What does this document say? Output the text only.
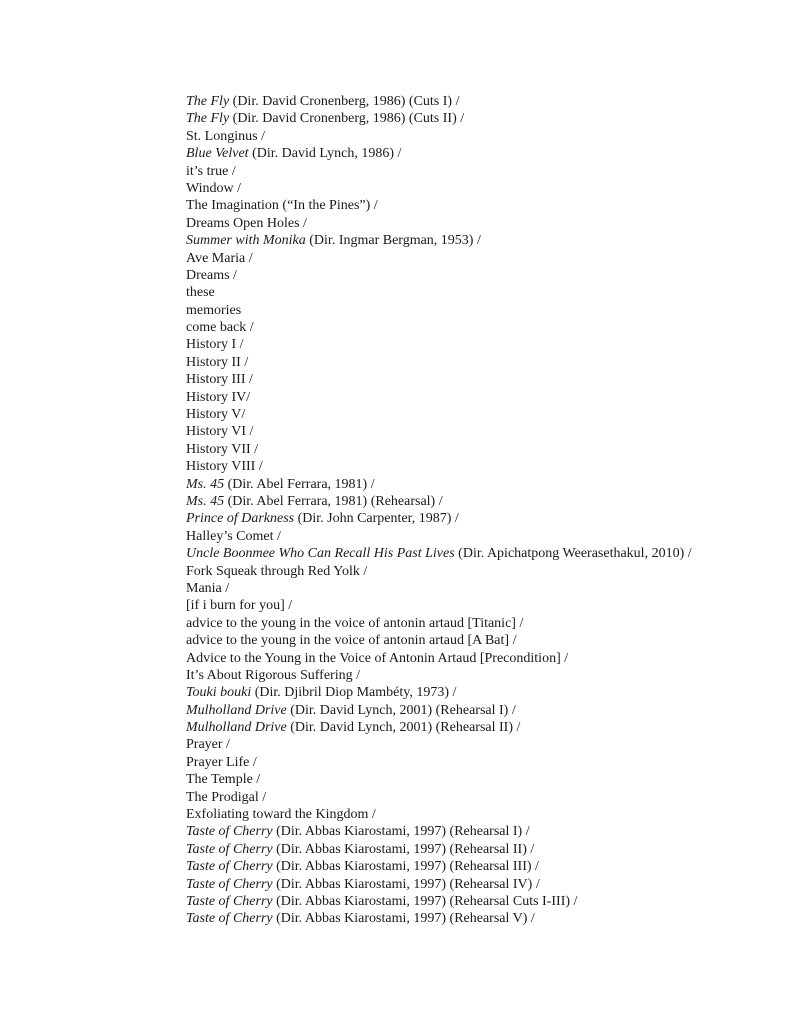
The Fly (Dir. David Cronenberg, 1986) (Cuts I) /
The Fly (Dir. David Cronenberg, 1986) (Cuts II) /
St. Longinus /
Blue Velvet (Dir. David Lynch, 1986) /
it’s true /
Window /
The Imagination (“In the Pines”) /
Dreams Open Holes /
Summer with Monika (Dir. Ingmar Bergman, 1953) /
Ave Maria /
Dreams /
these
memories
come back /
History I /
History II /
History III /
History IV/
History V/
History VI /
History VII /
History VIII /
Ms. 45 (Dir. Abel Ferrara, 1981) /
Ms. 45 (Dir. Abel Ferrara, 1981) (Rehearsal) /
Prince of Darkness (Dir. John Carpenter, 1987) /
Halley’s Comet /
Uncle Boonmee Who Can Recall His Past Lives (Dir. Apichatpong Weerasethakul, 2010) /
Fork Squeak through Red Yolk /
Mania /
[if i burn for you] /
advice to the young in the voice of antonin artaud [Titanic] /
advice to the young in the voice of antonin artaud [A Bat] /
Advice to the Young in the Voice of Antonin Artaud [Precondition] /
It’s About Rigorous Suffering /
Touki bouki (Dir. Djibril Diop Mambéty, 1973) /
Mulholland Drive (Dir. David Lynch, 2001) (Rehearsal I) /
Mulholland Drive (Dir. David Lynch, 2001) (Rehearsal II) /
Prayer /
Prayer Life /
The Temple /
The Prodigal /
Exfoliating toward the Kingdom /
Taste of Cherry (Dir. Abbas Kiarostami, 1997) (Rehearsal I) /
Taste of Cherry (Dir. Abbas Kiarostami, 1997) (Rehearsal II) /
Taste of Cherry (Dir. Abbas Kiarostami, 1997) (Rehearsal III) /
Taste of Cherry (Dir. Abbas Kiarostami, 1997) (Rehearsal IV) /
Taste of Cherry (Dir. Abbas Kiarostami, 1997) (Rehearsal Cuts I-III) /
Taste of Cherry (Dir. Abbas Kiarostami, 1997) (Rehearsal V) /
